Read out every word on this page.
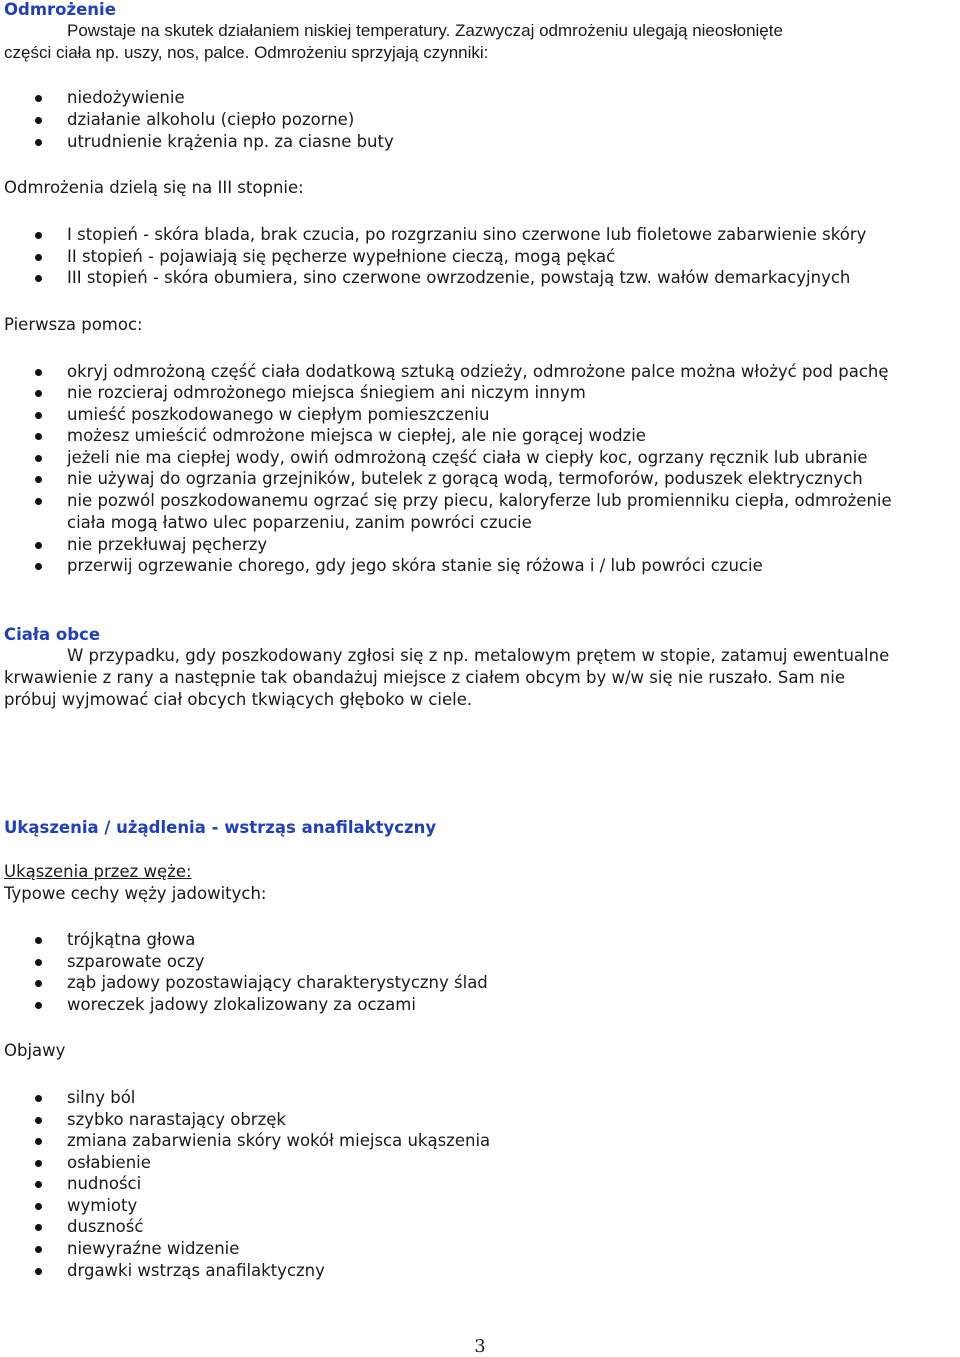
Odmrożenie
Powstaje na skutek działaniem niskiej temperatury. Zazwyczaj odmrożeniu ulegają nieosłonięte
części ciała np. uszy, nos, palce. Odmrożeniu sprzyjają czynniki:
niedożywienie
działanie alkoholu (ciepło pozorne)
utrudnienie krążenia np. za ciasne buty
Odmrożenia dzielą się na III stopnie:
I stopień - skóra blada, brak czucia, po rozgrzaniu sino czerwone lub fioletowe zabarwienie skóry
II stopień - pojawiają się pęcherze wypełnione cieczą, mogą pękać
III stopień - skóra obumiera, sino czerwone owrzodzenie, powstają tzw. wałów demarkacyjnych
Pierwsza pomoc:
okryj odmrożoną część ciała dodatkową sztuką odzieży, odmrożone palce można włożyć pod pachę
nie rozcieraj odmrożonego miejsca śniegiem ani niczym innym
umieść poszkodowanego w ciepłym pomieszczeniu
możesz umieścić odmrożone miejsca w ciepłej, ale nie gorącej wodzie
jeżeli nie ma ciepłej wody, owiń odmrożoną część ciała w ciepły koc, ogrzany ręcznik lub ubranie
nie używaj do ogrzania grzejników, butelek z gorącą wodą, termoforów, poduszek elektrycznych
nie pozwól poszkodowanemu ogrzać się przy piecu, kaloryferze lub promienniku ciepła, odmrożenie
ciała mogą łatwo ulec poparzeniu, zanim powróci czucie
nie przekłuwaj pęcherzy
przerwij ogrzewanie chorego, gdy jego skóra stanie się różowa i / lub powróci czucie
Ciała obce
W przypadku, gdy poszkodowany zgłosi się z np. metalowym prętem w stopie, zatamuj ewentualne
krwawienie z rany a następnie tak obandażuj miejsce z ciałem obcym by w/w się nie ruszało. Sam nie
próbuj wyjmować ciał obcych tkwiących głęboko w ciele.
Ukąszenia / użądlenia - wstrząs anafilaktyczny
Ukąszenia przez węże:
Typowe cechy węży jadowitych:
trójkątna głowa
szparowate oczy
ząb jadowy pozostawiający charakterystyczny ślad
woreczek jadowy zlokalizowany za oczami
Objawy
silny ból
szybko narastający obrzęk
zmiana zabarwienia skóry wokół miejsca ukąszenia
osłabienie
nudności
wymioty
duszność
niewyraźne widzenie
drgawki wstrząs anafilaktyczny
3
